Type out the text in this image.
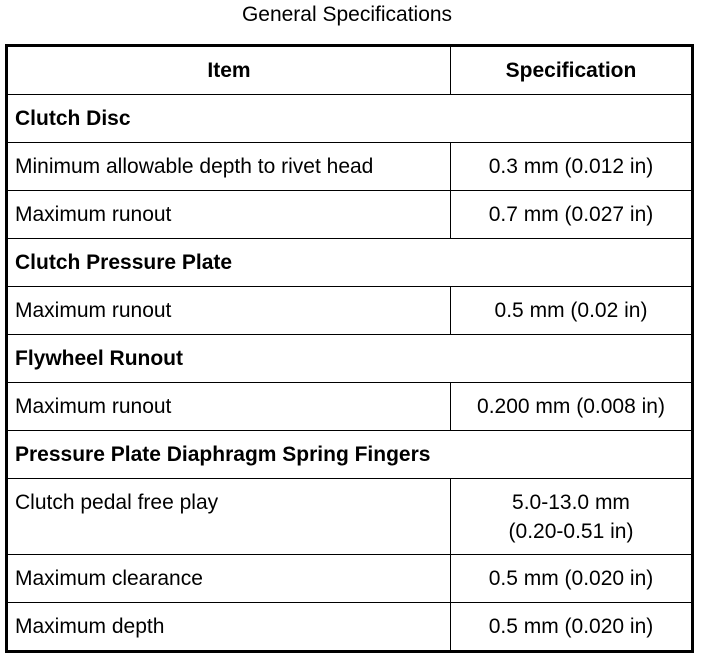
General Specifications
Item	Specification
Clutch Disc	
Minimum allowable depth to rivet head	0.3 mm (0.012 in)
Maximum runout	0.7 mm (0.027 in)
Clutch Pressure Plate	
Maximum runout	0.5 mm (0.02 in)
Flywheel Runout	
Maximum runout	0.200 mm (0.008 in)
Pressure Plate Diaphragm Spring Fingers	
Clutch pedal free play	5.0-13.0 mm
(0.20-0.51 in)

Maximum clearance	0.5 mm (0.020 in)
Maximum depth	0.5 mm (0.020 in)
